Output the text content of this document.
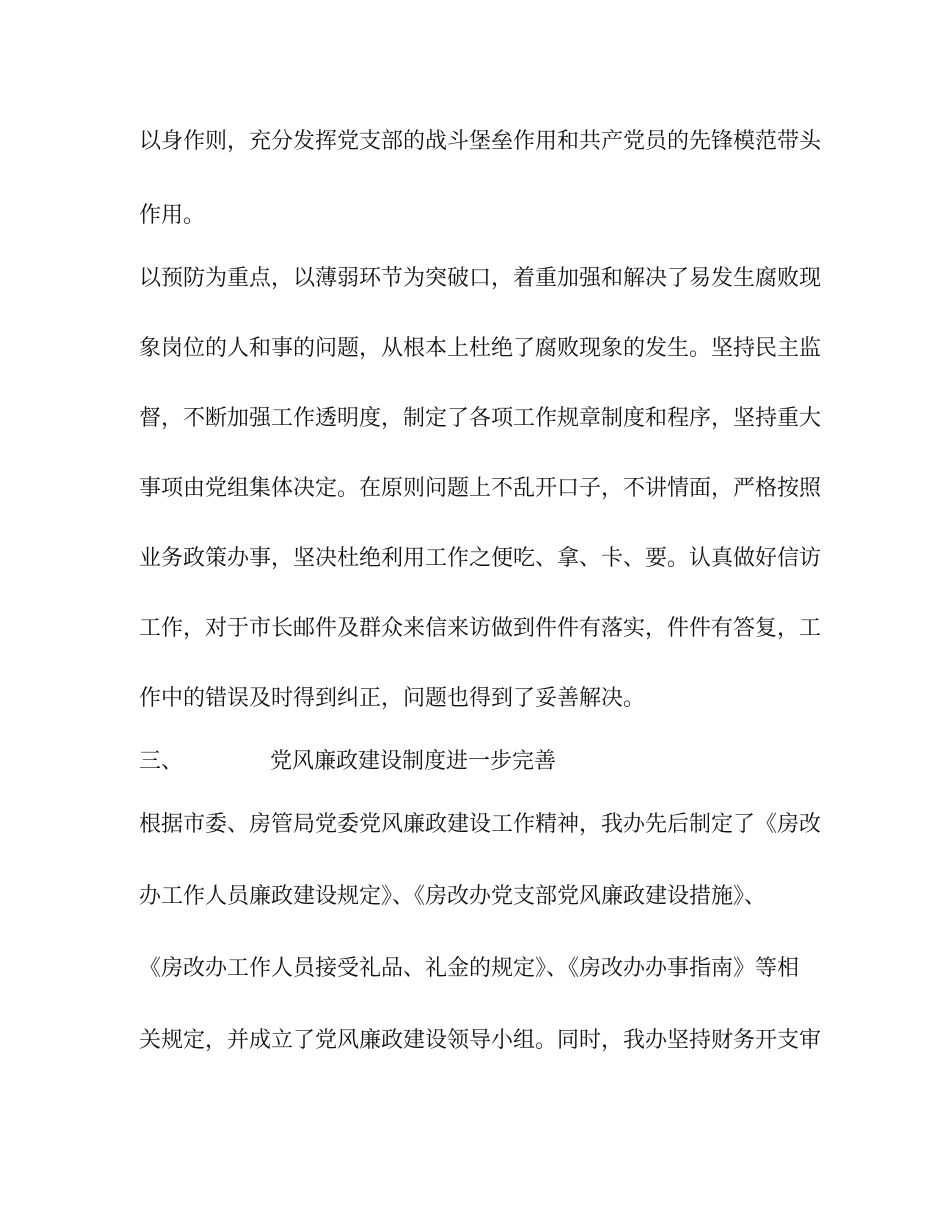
以身作则，充分发挥党支部的战斗堡垒作用和共产党员的先锋模范带头
作用。
以预防为重点，以薄弱环节为突破口，着重加强和解决了易发生腐败现
象岗位的人和事的问题，从根本上杜绝了腐败现象的发生。坚持民主监
督，不断加强工作透明度，制定了各项工作规章制度和程序，坚持重大
事项由党组集体决定。在原则问题上不乱开口子，不讲情面，严格按照
业务政策办事，坚决杜绝利用工作之便吃、拿、卡、要。认真做好信访
工作，对于市长邮件及群众来信来访做到件件有落实，件件有答复，工
作中的错误及时得到纠正，问题也得到了妥善解决。
三、	党风廉政建设制度进一步完善
根据市委、房管局党委党风廉政建设工作精神，我办先后制定了《房改
办工作人员廉政建设规定》、《房改办党支部党风廉政建设措施》、
《房改办工作人员接受礼品、礼金的规定》、《房改办办事指南》等相
关规定，并成立了党风廉政建设领导小组。同时，我办坚持财务开支审
